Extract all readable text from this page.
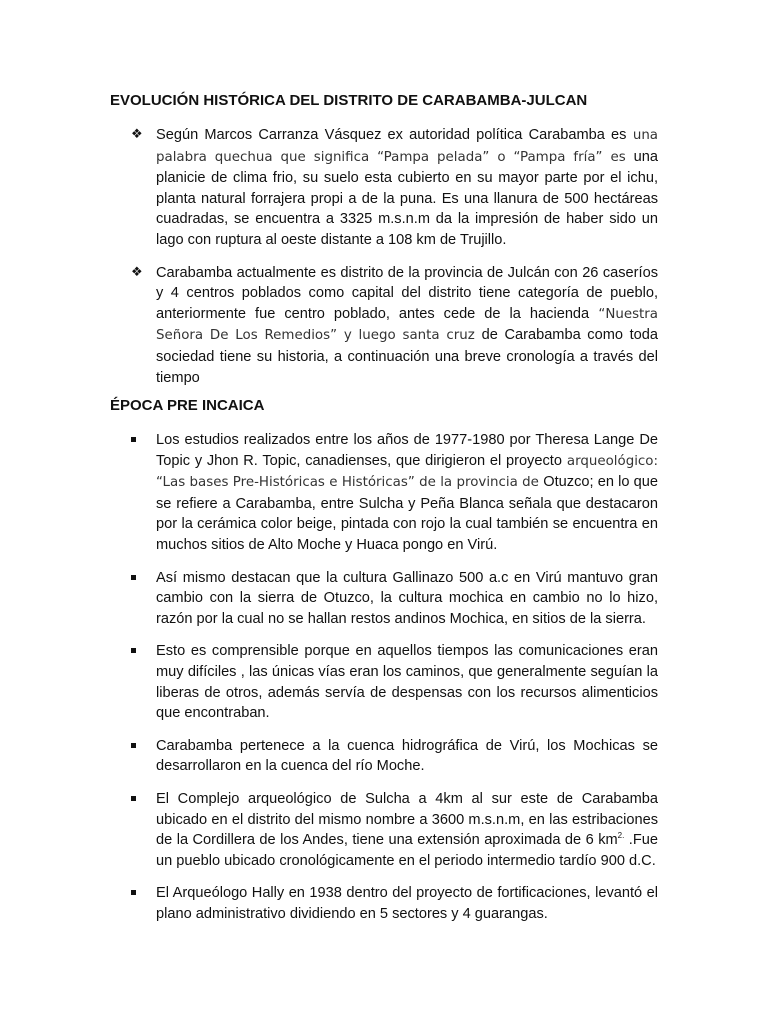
EVOLUCIÓN HISTÓRICA DEL DISTRITO DE CARABAMBA-JULCAN
❖ Según Marcos Carranza Vásquez ex autoridad política Carabamba es una palabra quechua que significa “Pampa pelada” o “Pampa fría” es una planicie de clima frio, su suelo esta cubierto en su mayor parte por el ichu, planta natural forrajera propi a de la puna. Es una llanura de 500 hectáreas cuadradas, se encuentra a 3325 m.s.n.m da la impresión de haber sido un lago con ruptura al oeste distante a 108 km de Trujillo.
❖ Carabamba actualmente es distrito de la provincia de Julcán con 26 caseríos y 4 centros poblados como capital del distrito tiene categoría de pueblo, anteriormente fue centro poblado, antes cede de la hacienda “Nuestra Señora De Los Remedios” y luego santa cruz de Carabamba como toda sociedad tiene su historia, a continuación una breve cronología a través del tiempo
ÉPOCA PRE INCAICA
Los estudios realizados entre los años de 1977-1980 por Theresa Lange De Topic y Jhon R. Topic, canadienses, que dirigieron el proyecto arqueológico: “Las bases Pre-Históricas e Históricas” de la provincia de Otuzco; en lo que se refiere a Carabamba, entre Sulcha y Peña Blanca señala que destacaron por la cerámica color beige, pintada con rojo la cual también se encuentra en muchos sitios de Alto Moche y Huaca pongo en Virú.
Así mismo destacan que la cultura Gallinazo 500 a.c en Virú mantuvo gran cambio con la sierra de Otuzco, la cultura mochica en cambio no lo hizo, razón por la cual no se hallan restos andinos Mochica, en sitios de la sierra.
Esto es comprensible porque en aquellos tiempos las comunicaciones eran muy difíciles , las únicas vías eran los caminos, que generalmente seguían la liberas de otros, además servía de despensas con los recursos alimenticios que encontraban.
Carabamba pertenece a la cuenca hidrográfica de Virú, los Mochicas se desarrollaron en la cuenca del río Moche.
El Complejo arqueológico de Sulcha a 4km al sur este de Carabamba ubicado en el distrito del mismo nombre a 3600 m.s.n.m, en las estribaciones de la Cordillera de los Andes, tiene una extensión aproximada de 6 $km^{2.}$ .Fue un pueblo ubicado cronológicamente en el periodo intermedio tardío 900 d.C.
El Arqueólogo Hally en 1938 dentro del proyecto de fortificaciones, levantó el plano administrativo dividiendo en 5 sectores y 4 guarangas.
